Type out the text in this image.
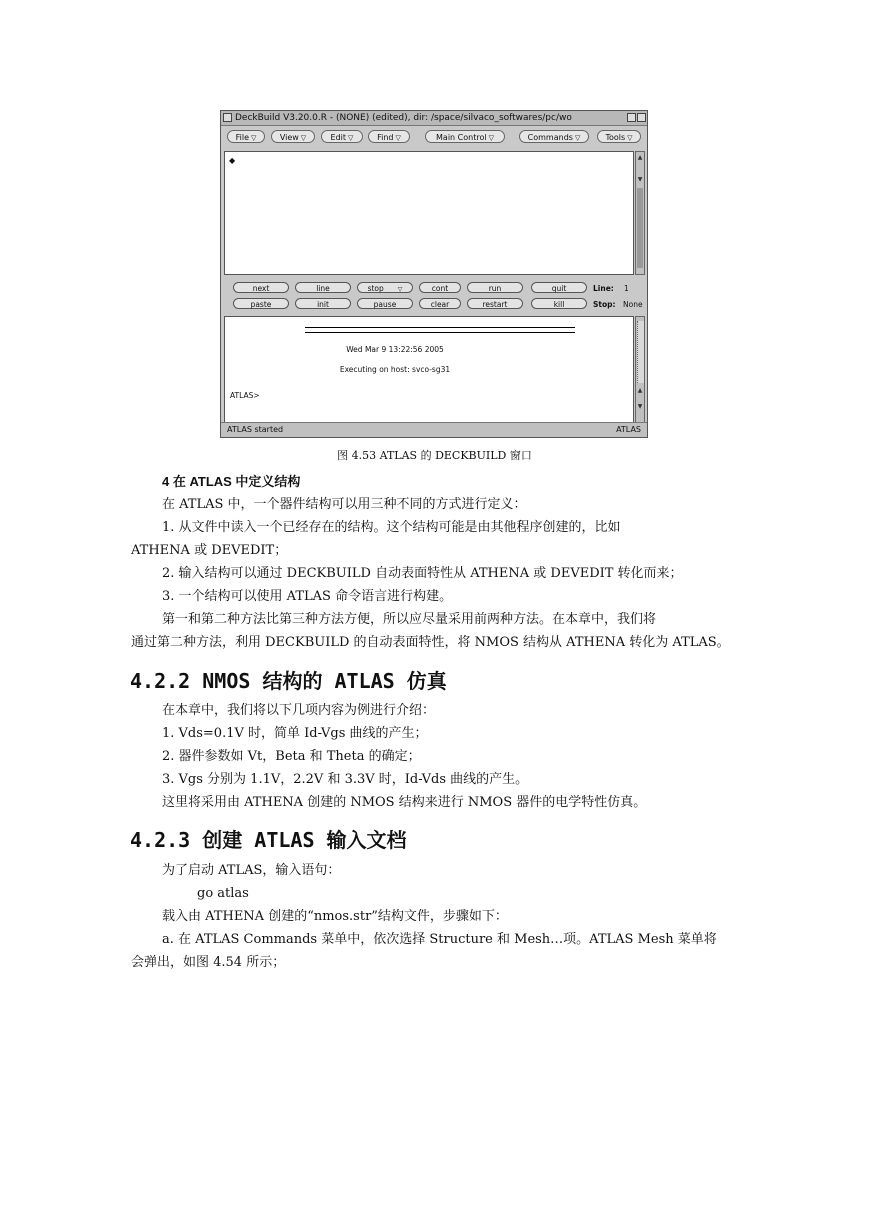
DeckBuild V3.20.0.R - (NONE) (edited), dir: /space/silvaco_softwares/pc/wo
File ▽	View ▽	Edit ▽	Find ▽	Main Control ▽	Commands ▽	Tools ▽
◆	▲
▼
next	line	stop ▽	cont	run	quit	Line: 1
paste	init	pause	clear	restart	kill	Stop: None
Wed Mar 9 13:22:56 2005
Executing on host: svco-sg31
ATLAS>
▲
▼
ATLAS started	ATLAS
图 4.53 ATLAS 的 DECKBUILD 窗口
4 在 ATLAS 中定义结构
在 ATLAS 中，一个器件结构可以用三种不同的方式进行定义：
1. 从文件中读入一个已经存在的结构。这个结构可能是由其他程序创建的，比如
ATHENA 或 DEVEDIT；
2. 输入结构可以通过 DECKBUILD 自动表面特性从 ATHENA 或 DEVEDIT 转化而来；
3. 一个结构可以使用 ATLAS 命令语言进行构建。
第一和第二种方法比第三种方法方便，所以应尽量采用前两种方法。在本章中，我们将
通过第二种方法，利用 DECKBUILD 的自动表面特性，将 NMOS 结构从 ATHENA 转化为 ATLAS。
4.2.2 NMOS 结构的 ATLAS 仿真
在本章中，我们将以下几项内容为例进行介绍：
1. Vds=0.1V 时，简单 Id-Vgs 曲线的产生；
2. 器件参数如 Vt，Beta 和 Theta 的确定；
3. Vgs 分别为 1.1V，2.2V 和 3.3V 时，Id-Vds 曲线的产生。
这里将采用由 ATHENA 创建的 NMOS 结构来进行 NMOS 器件的电学特性仿真。
4.2.3 创建 ATLAS 输入文档
为了启动 ATLAS，输入语句：
go atlas
载入由 ATHENA 创建的“nmos.str”结构文件，步骤如下：
a. 在 ATLAS Commands 菜单中，依次选择 Structure 和 Mesh…项。ATLAS Mesh 菜单将
会弹出，如图 4.54 所示；
